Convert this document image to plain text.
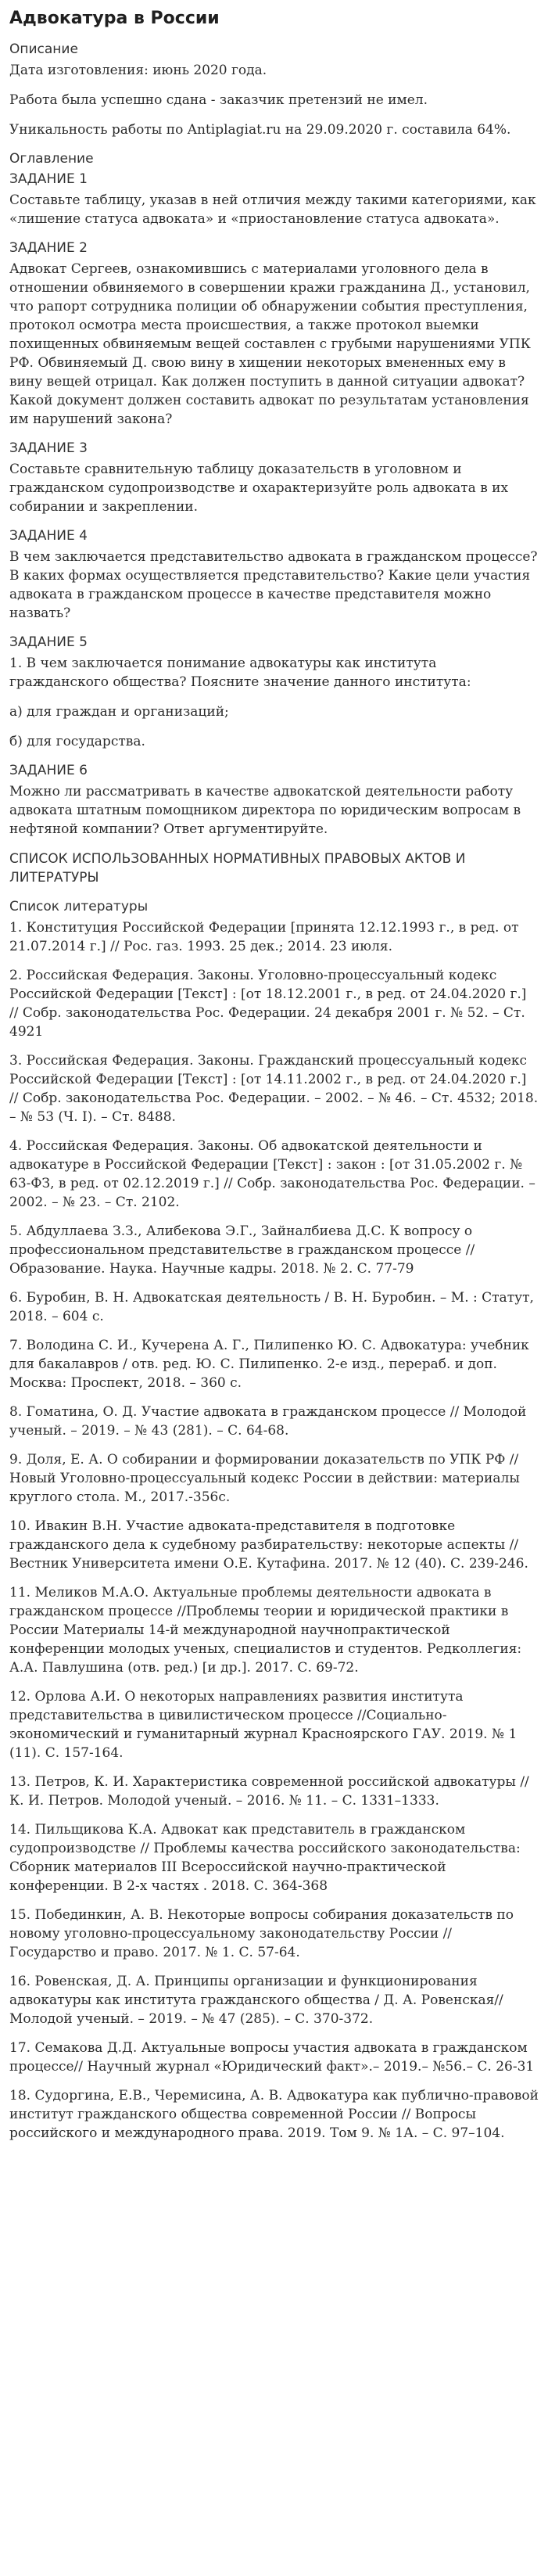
Адвокатура в России
Описание
Дата изготовления: июнь 2020 года.
Работа была успешно сдана - заказчик претензий не имел.
Уникальность работы по Antiplagiat.ru на 29.09.2020 г. составила 64%.
Оглавление
ЗАДАНИЕ 1
Составьте таблицу, указав в ней отличия между такими категориями, как «лишение статуса адвоката» и «приостановление статуса адвоката».
ЗАДАНИЕ 2
Адвокат Сергеев, ознакомившись с материалами уголовного дела в отношении обвиняемого в совершении кражи гражданина Д., установил, что рапорт сотрудника полиции об обнаружении события преступления, протокол осмотра места происшествия, а также протокол выемки похищенных обвиняемым вещей составлен с грубыми нарушениями УПК РФ. Обвиняемый Д. свою вину в хищении некоторых вмененных ему в вину вещей отрицал. Как должен поступить в данной ситуации адвокат? Какой документ должен составить адвокат по результатам установления им нарушений закона?
ЗАДАНИЕ 3
Составьте сравнительную таблицу доказательств в уголовном и гражданском судопроизводстве и охарактеризуйте роль адвоката в их собирании и закреплении.
ЗАДАНИЕ 4
В чем заключается представительство адвоката в гражданском процессе? В каких формах осуществляется представительство? Какие цели участия адвоката в гражданском процессе в качестве представителя можно назвать?
ЗАДАНИЕ 5
1. В чем заключается понимание адвокатуры как института гражданского общества? Поясните значение данного института:
а) для граждан и организаций;
б) для государства.
ЗАДАНИЕ 6
Можно ли рассматривать в качестве адвокатской деятельности работу адвоката штатным помощником директора по юридическим вопросам в нефтяной компании? Ответ аргументируйте.
СПИСОК ИСПОЛЬЗОВАННЫХ НОРМАТИВНЫХ ПРАВОВЫХ АКТОВ И ЛИТЕРАТУРЫ
Список литературы
1. Конституция Российской Федерации [принята 12.12.1993 г., в ред. от 21.07.2014 г.] // Рос. газ. 1993. 25 дек.; 2014. 23 июля.
2. Российская Федерация. Законы. Уголовно-процессуальный кодекс Российской Федерации [Текст] : [от 18.12.2001 г., в ред. от 24.04.2020 г.] // Собр. законодательства Рос. Федерации. 24 декабря 2001 г. № 52. – Ст. 4921
3. Российская Федерация. Законы. Гражданский процессуальный кодекс Российской Федерации [Текст] : [от 14.11.2002 г., в ред. от 24.04.2020 г.] // Собр. законодательства Рос. Федерации. – 2002. – № 46. – Ст. 4532; 2018. – № 53 (Ч. I). – Ст. 8488.
4. Российская Федерация. Законы. Об адвокатской деятельности и адвокатуре в Российской Федерации [Текст] : закон : [от 31.05.2002 г. № 63-ФЗ, в ред. от 02.12.2019 г.] // Собр. законодательства Рос. Федерации. – 2002. – № 23. – Ст. 2102.
5. Абдуллаева З.З., Алибекова Э.Г., Зайналбиева Д.С. К вопросу о профессиональном представительстве в гражданском процессе // Образование. Наука. Научные кадры. 2018. № 2. С. 77-79
6. Буробин, В. Н. Адвокатская деятельность / В. Н. Буробин. – М. : Статут, 2018. – 604 с.
7. Володина С. И., Кучерена А. Г., Пилипенко Ю. С. Адвокатура: учебник для бакалавров / отв. ред. Ю. С. Пилипенко. 2-е изд., перераб. и доп. Москва: Проспект, 2018. – 360 с.
8. Гоматина, О. Д. Участие адвоката в гражданском процессе // Молодой ученый. – 2019. – № 43 (281). – С. 64-68.
9. Доля, Е. А. О собирании и формировании доказательств по УПК РФ // Новый Уголовно-процессуальный кодекс России в действии: материалы круглого стола. М., 2017.-356с.
10. Ивакин В.Н. Участие адвоката-представителя в подготовке гражданского дела к судебному разбирательству: некоторые аспекты // Вестник Университета имени О.Е. Кутафина. 2017. № 12 (40). С. 239-246.
11. Меликов М.А.О. Актуальные проблемы деятельности адвоката в гражданском процессе //Проблемы теории и юридической практики в России Материалы 14-й международной научнопрактической конференции молодых ученых, специалистов и студентов. Редколлегия: А.А. Павлушина (отв. ред.) [и др.]. 2017. С. 69-72.
12. Орлова А.И. О некоторых направлениях развития института представительства в цивилистическом процессе //Социально-экономический и гуманитарный журнал Красноярского ГАУ. 2019. № 1 (11). С. 157-164.
13. Петров, К. И. Характеристика современной российской адвокатуры // К. И. Петров. Молодой ученый. – 2016. № 11. – С. 1331–1333.
14. Пильщикова К.А. Адвокат как представитель в гражданском судопроизводстве // Проблемы качества российского законодательства: Сборник материалов III Всероссийской научно-практической конференции. В 2-х частях . 2018. С. 364-368
15. Побединкин, А. В. Некоторые вопросы собирания доказательств по новому уголовно-процессуальному законодательству России // Государство и право. 2017. № 1. С. 57-64.
16. Ровенская, Д. А. Принципы организации и функционирования адвокатуры как института гражданского общества / Д. А. Ровенская// Молодой ученый. – 2019. – № 47 (285). – С. 370-372.
17. Семакова Д.Д. Актуальные вопросы участия адвоката в гражданском процессе// Научный журнал «Юридический факт».– 2019.– №56.– С. 26-31
18. Судоргина, Е.В., Черемисина, А. В. Адвокатура как публично-правовой институт гражданского общества современной России // Вопросы российского и международного права. 2019. Том 9. № 1А. – С. 97–104.
